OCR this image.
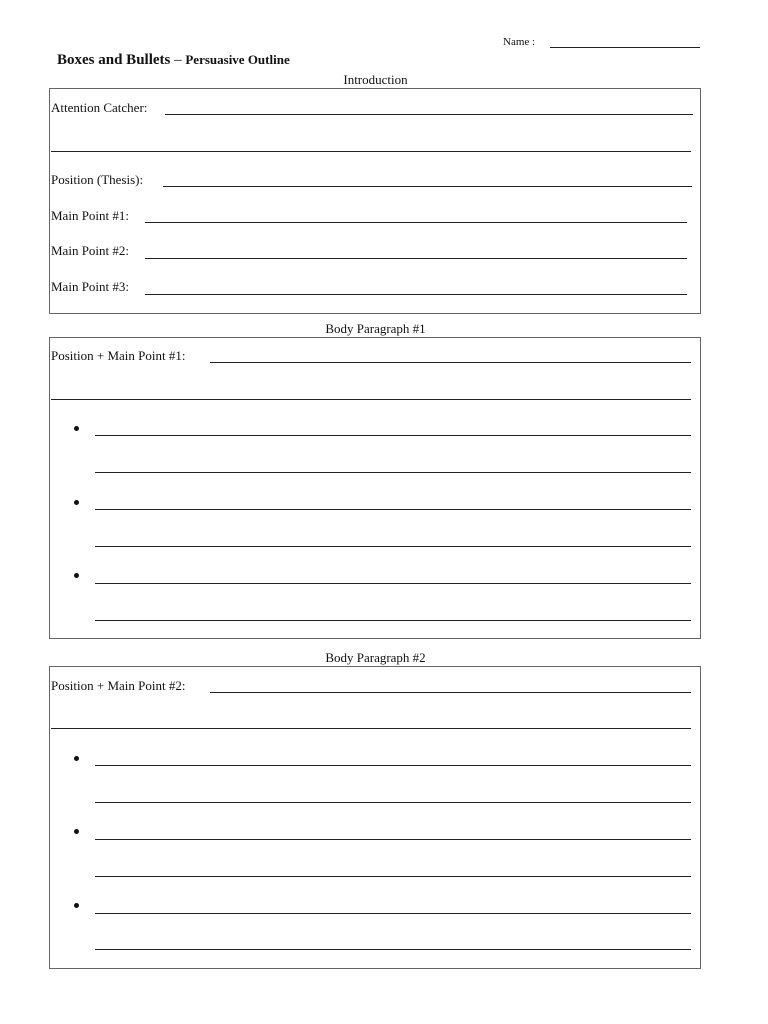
Name :
Boxes and Bullets – Persuasive Outline
Introduction
Attention Catcher:
Position (Thesis):
Main Point #1:
Main Point #2:
Main Point #3:
Body Paragraph #1
Position + Main Point #1:
Body Paragraph #2
Position + Main Point #2:
